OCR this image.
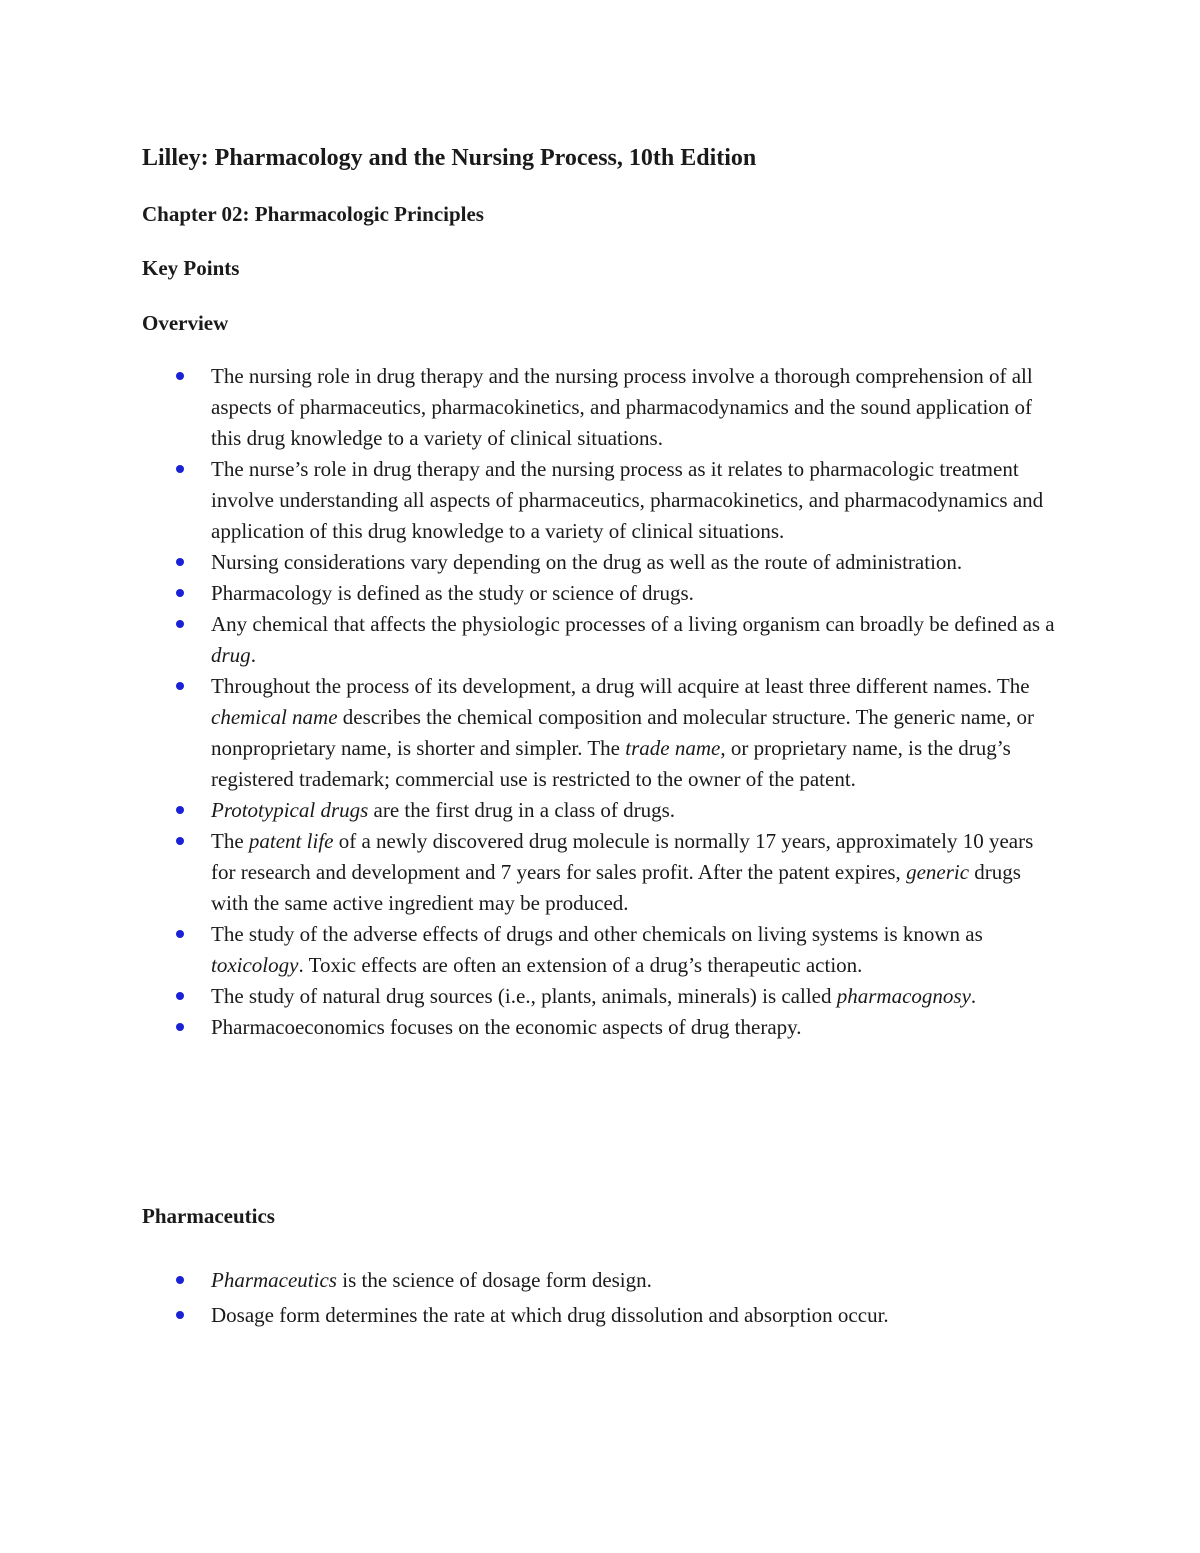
Lilley: Pharmacology and the Nursing Process, 10th Edition
Chapter 02: Pharmacologic Principles
Key Points
Overview
The nursing role in drug therapy and the nursing process involve a thorough comprehension of all aspects of pharmaceutics, pharmacokinetics, and pharmacodynamics and the sound application of this drug knowledge to a variety of clinical situations.
The nurse’s role in drug therapy and the nursing process as it relates to pharmacologic treatment involve understanding all aspects of pharmaceutics, pharmacokinetics, and pharmacodynamics and application of this drug knowledge to a variety of clinical situations.
Nursing considerations vary depending on the drug as well as the route of administration.
Pharmacology is defined as the study or science of drugs.
Any chemical that affects the physiologic processes of a living organism can broadly be defined as a drug.
Throughout the process of its development, a drug will acquire at least three different names. The chemical name describes the chemical composition and molecular structure. The generic name, or nonproprietary name, is shorter and simpler. The trade name, or proprietary name, is the drug’s registered trademark; commercial use is restricted to the owner of the patent.
Prototypical drugs are the first drug in a class of drugs.
The patent life of a newly discovered drug molecule is normally 17 years, approximately 10 years for research and development and 7 years for sales profit. After the patent expires, generic drugs with the same active ingredient may be produced.
The study of the adverse effects of drugs and other chemicals on living systems is known as toxicology. Toxic effects are often an extension of a drug’s therapeutic action.
The study of natural drug sources (i.e., plants, animals, minerals) is called pharmacognosy.
Pharmacoeconomics focuses on the economic aspects of drug therapy.
Pharmaceutics
Pharmaceutics is the science of dosage form design.
Dosage form determines the rate at which drug dissolution and absorption occur.
